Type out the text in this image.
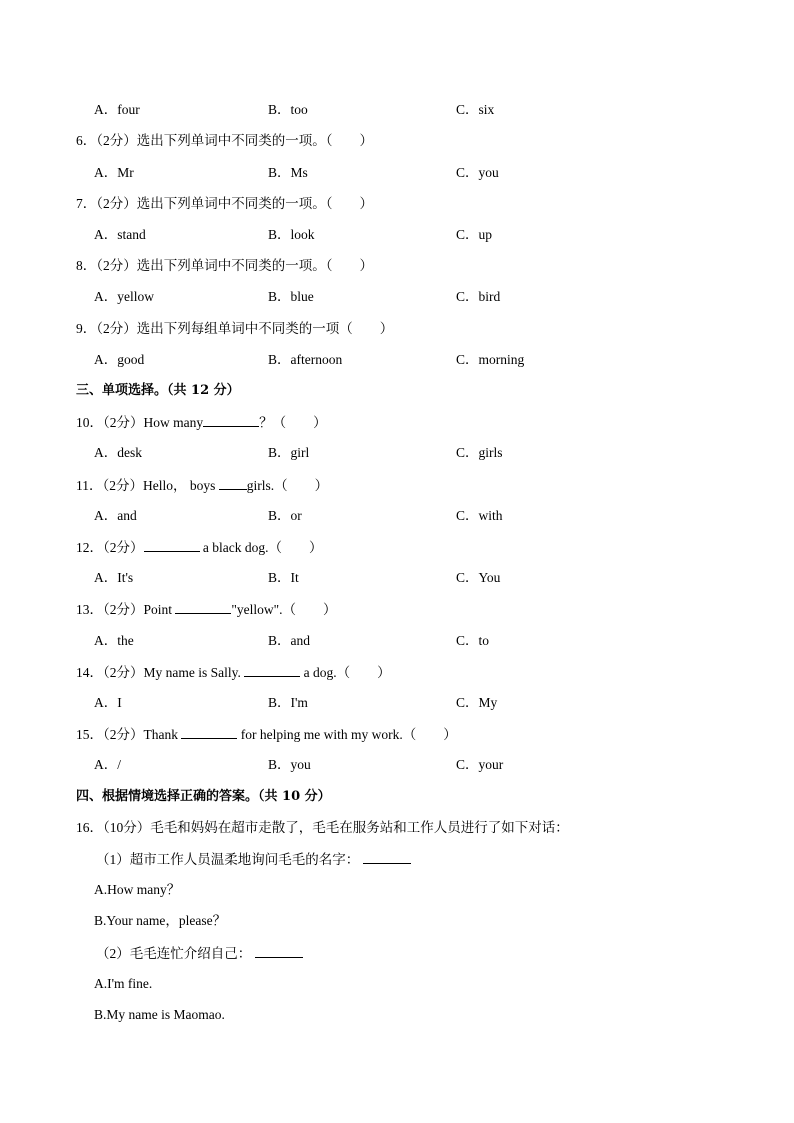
A．four	B．too	C．six
6．（2分）选出下列单词中不同类的一项。（　　）
A．Mr	B．Ms	C．you
7．（2分）选出下列单词中不同类的一项。（　　）
A．stand	B．look	C．up
8．（2分）选出下列单词中不同类的一项。（　　）
A．yellow	B．blue	C．bird
9．（2分）选出下列每组单词中不同类的一项（　　）
A．good	B．afternoon	C．morning
三、单项选择。（共 12 分）
10．（2分）How many	？（　　）
A．desk	B．girl	C．girls
11．（2分）Hello， boys girls.（　　）
A．and	B．or	C．with
12．（2分）	a black dog.（　　）
A．It's	B．It	C．You
13．（2分）Point	"yellow".（　　）
A．the	B．and	C．to
14．（2分）My name is Sally.	a dog.（　　）
A．I	B．I'm	C．My
15．（2分）Thank	for helping me with my work.（　　）
A．/	B．you	C．your
四、根据情境选择正确的答案。（共 10 分）
16．（10分）毛毛和妈妈在超市走散了，毛毛在服务站和工作人员进行了如下对话：
（1）超市工作人员温柔地询问毛毛的名字：
A.How many？
B.Your name，please？
（2）毛毛连忙介绍自己：
A.I'm fine.
B.My name is Maomao.
